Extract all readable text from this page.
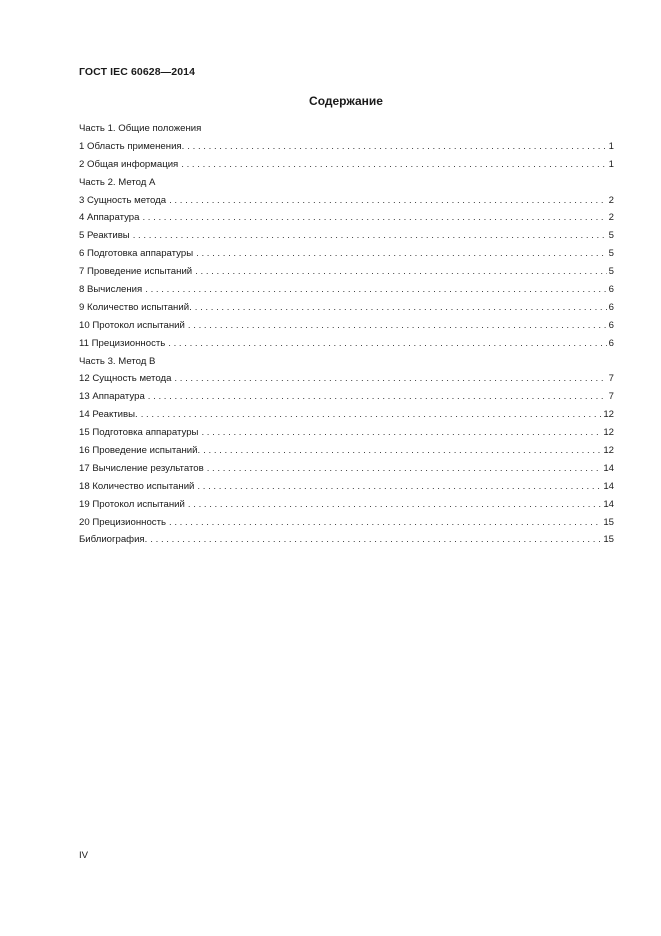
ГОСТ IEC 60628—2014
Содержание
Часть 1. Общие положения
1 Область применения. . . .	1
2 Общая информация . . .	1
Часть 2. Метод А
3 Сущность метода . . .	2
4 Аппаратура . . .	2
5 Реактивы . . .	5
6 Подготовка аппаратуры . . .	5
7 Проведение испытаний . . .	5
8 Вычисления . . .	6
9 Количество испытаний. . . .	6
10 Протокол испытаний . . .	6
11 Прецизионность . . .	6
Часть 3. Метод В
12 Сущность метода . . .	7
13 Аппаратура . . .	7
14 Реактивы. . . .	12
15 Подготовка аппаратуры . . .	12
16 Проведение испытаний. . . .	12
17 Вычисление результатов . . .	14
18 Количество испытаний . . .	14
19 Протокол испытаний . . .	14
20 Прецизионность . . .	15
Библиография. . . .	15
IV
